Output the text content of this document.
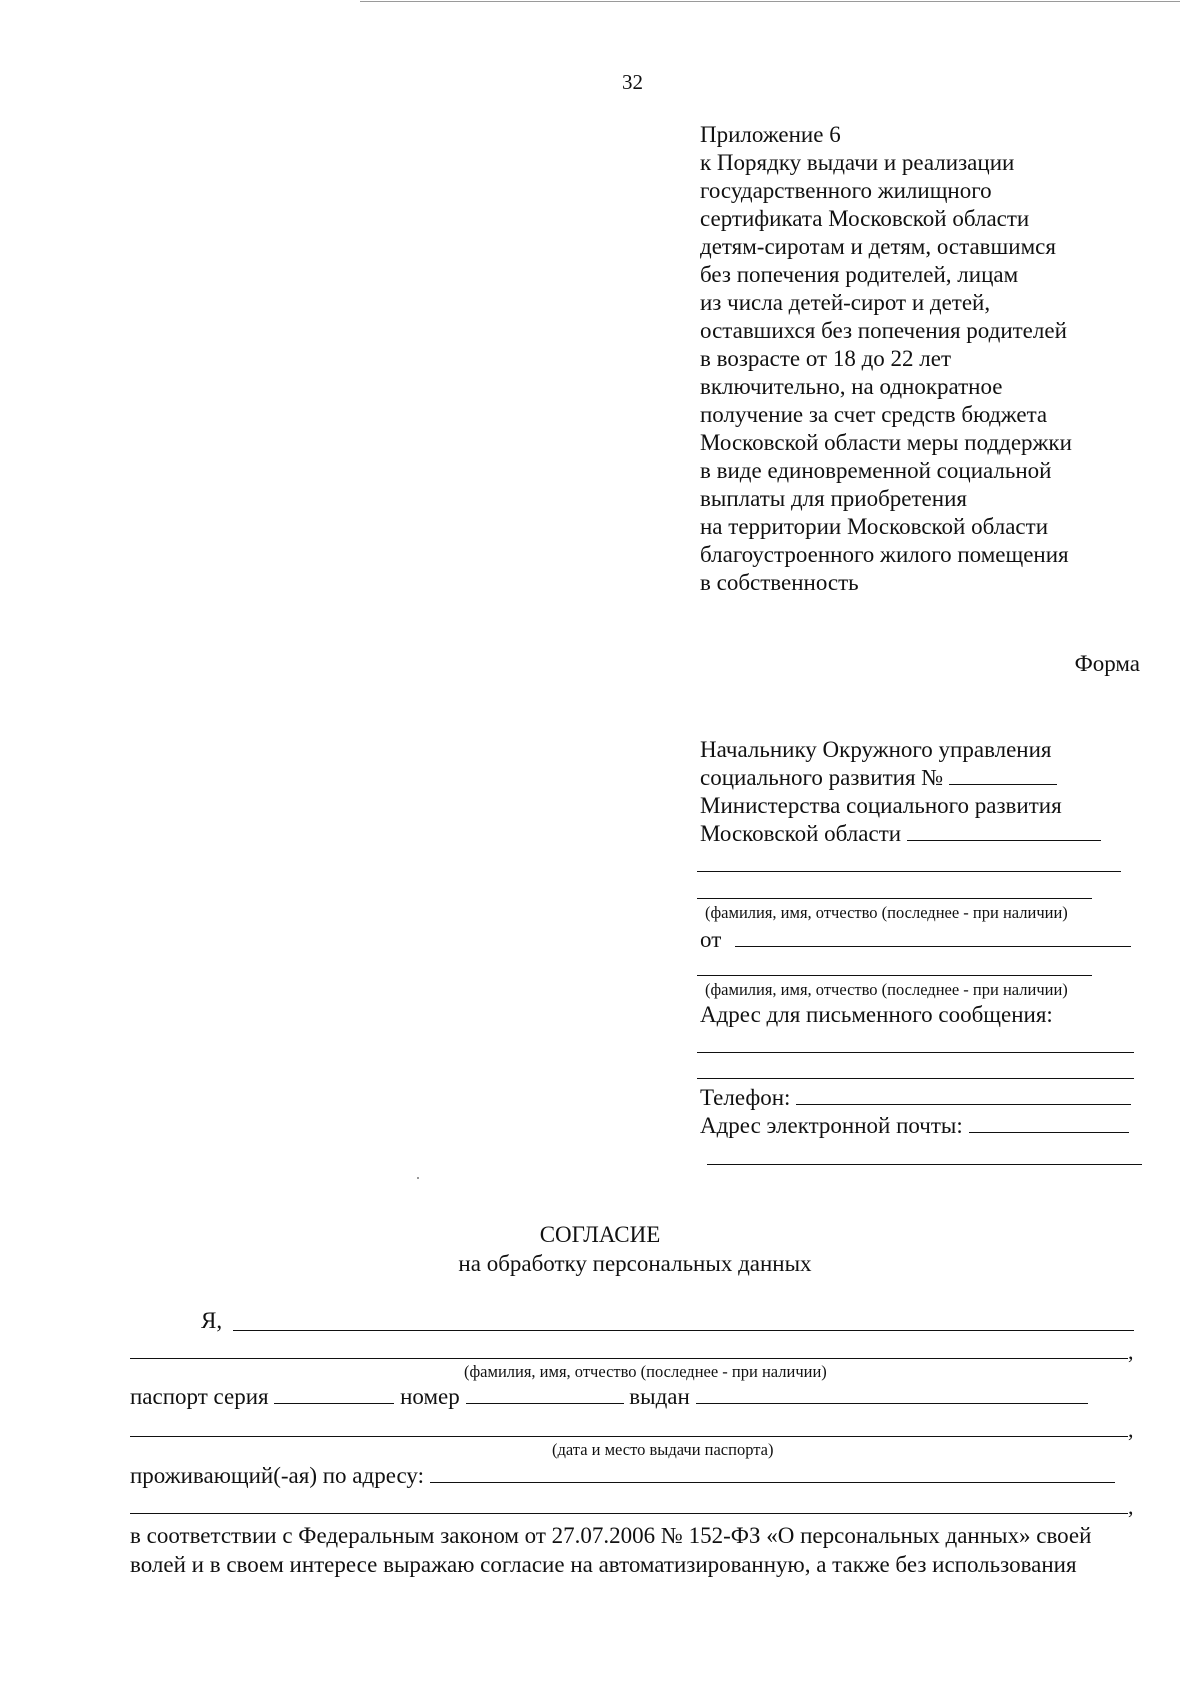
32
Приложение 6
к Порядку выдачи и реализации
государственного жилищного
сертификата Московской области
детям-сиротам и детям, оставшимся
без попечения родителей, лицам
из числа детей-сирот и детей,
оставшихся без попечения родителей
в возрасте от 18 до 22 лет
включительно, на однократное
получение за счет средств бюджета
Московской области меры поддержки
в виде единовременной социальной
выплаты для приобретения
на территории Московской области
благоустроенного жилого помещения
в собственность
Форма
Начальнику Окружного управления
социального развития №
Министерства социального развития
Московской области
(фамилия, имя, отчество (последнее - при наличии)
от
(фамилия, имя, отчество (последнее - при наличии)
Адрес для письменного сообщения:
Телефон:
Адрес электронной почты:
СОГЛАСИЕ
на обработку персональных данных
Я,
,
(фамилия, имя, отчество (последнее - при наличии)
паспорт серия	номер	выдан
,
(дата и место выдачи паспорта)
проживающий(-ая) по адресу:
,
в соответствии с Федеральным законом от 27.07.2006 № 152-ФЗ «О персональных данных» своей
волей и в своем интересе выражаю согласие на автоматизированную, а также без использования
